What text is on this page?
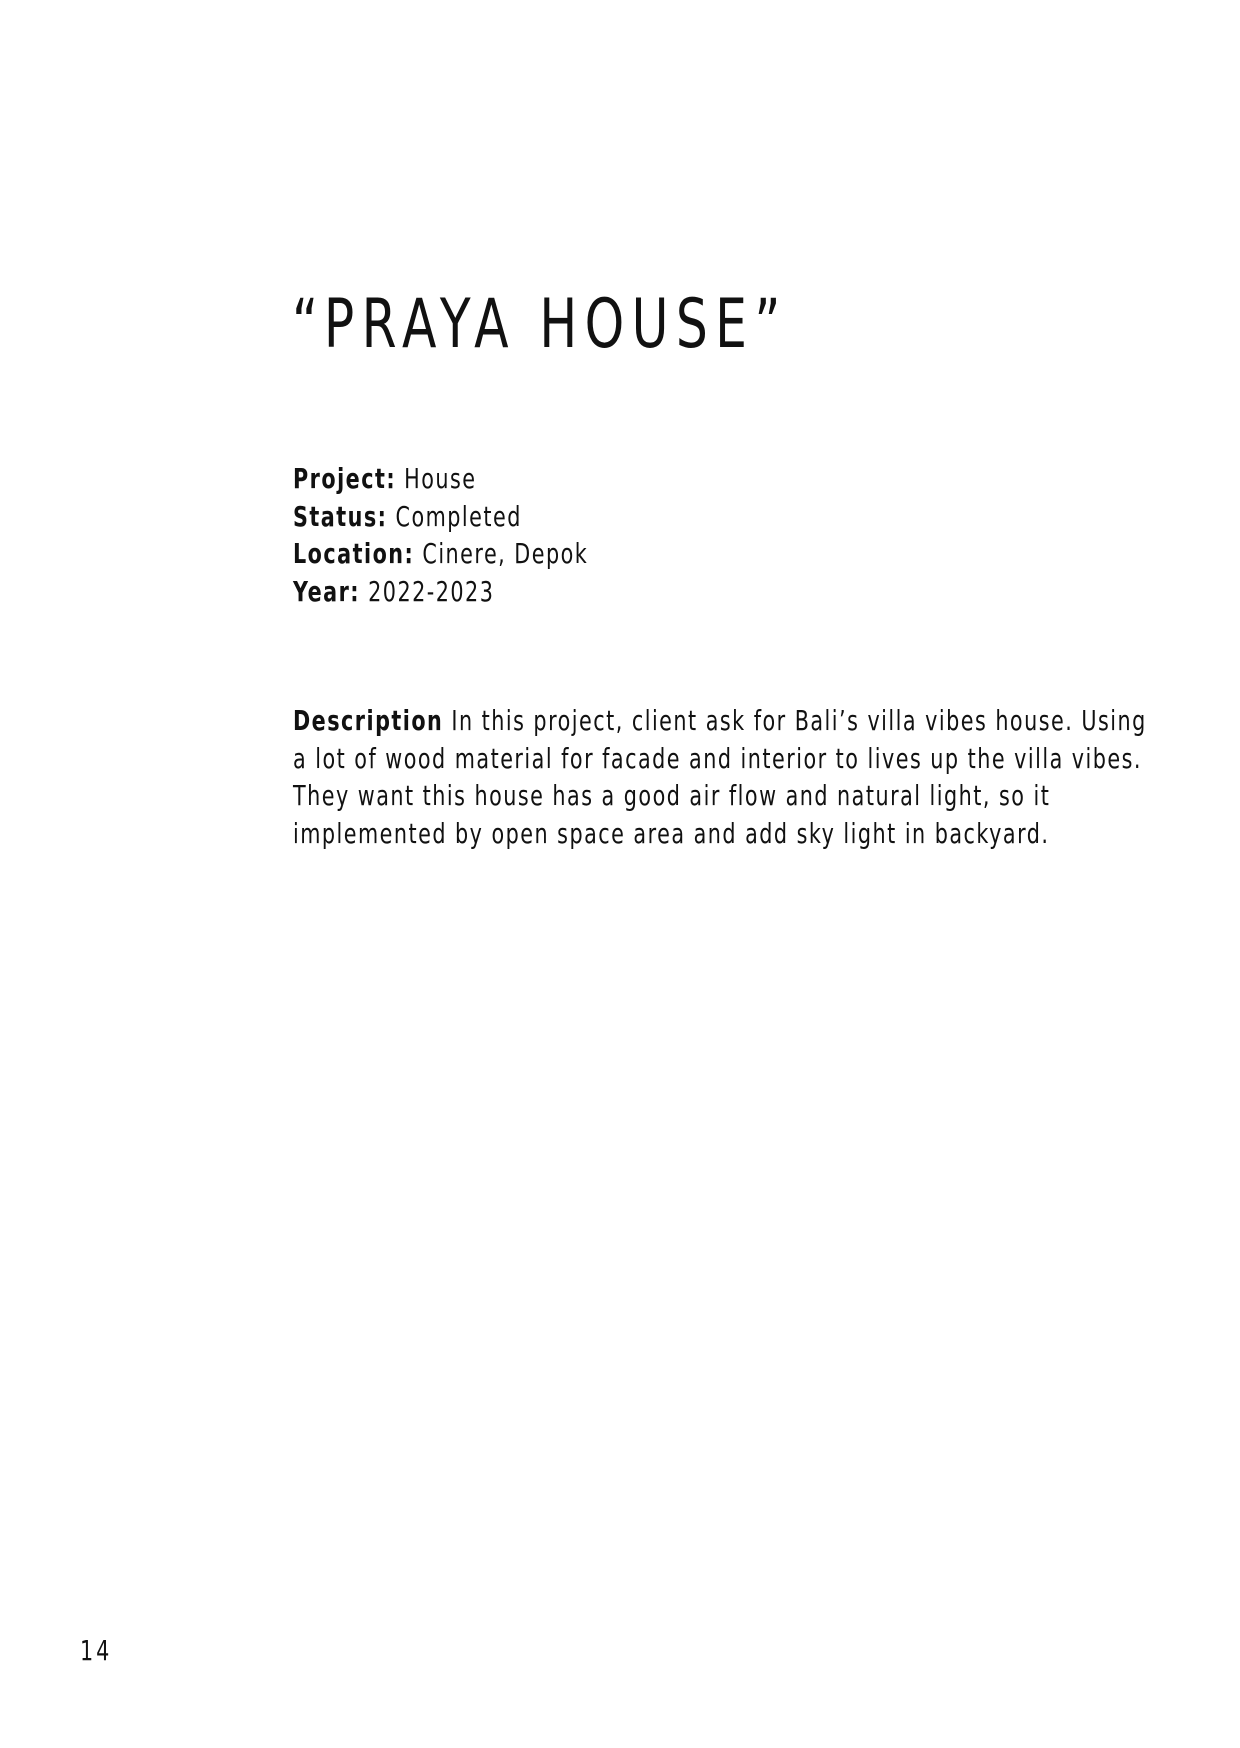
“PRAYA HOUSE”
Project: House
Status: Completed
Location: Cinere, Depok
Year: 2022-2023
Description In this project, client ask for Bali’s villa vibes house. Using
a lot of wood material for facade and interior to lives up the villa vibes.
They want this house has a good air flow and natural light, so it
implemented by open space area and add sky light in backyard.
14
